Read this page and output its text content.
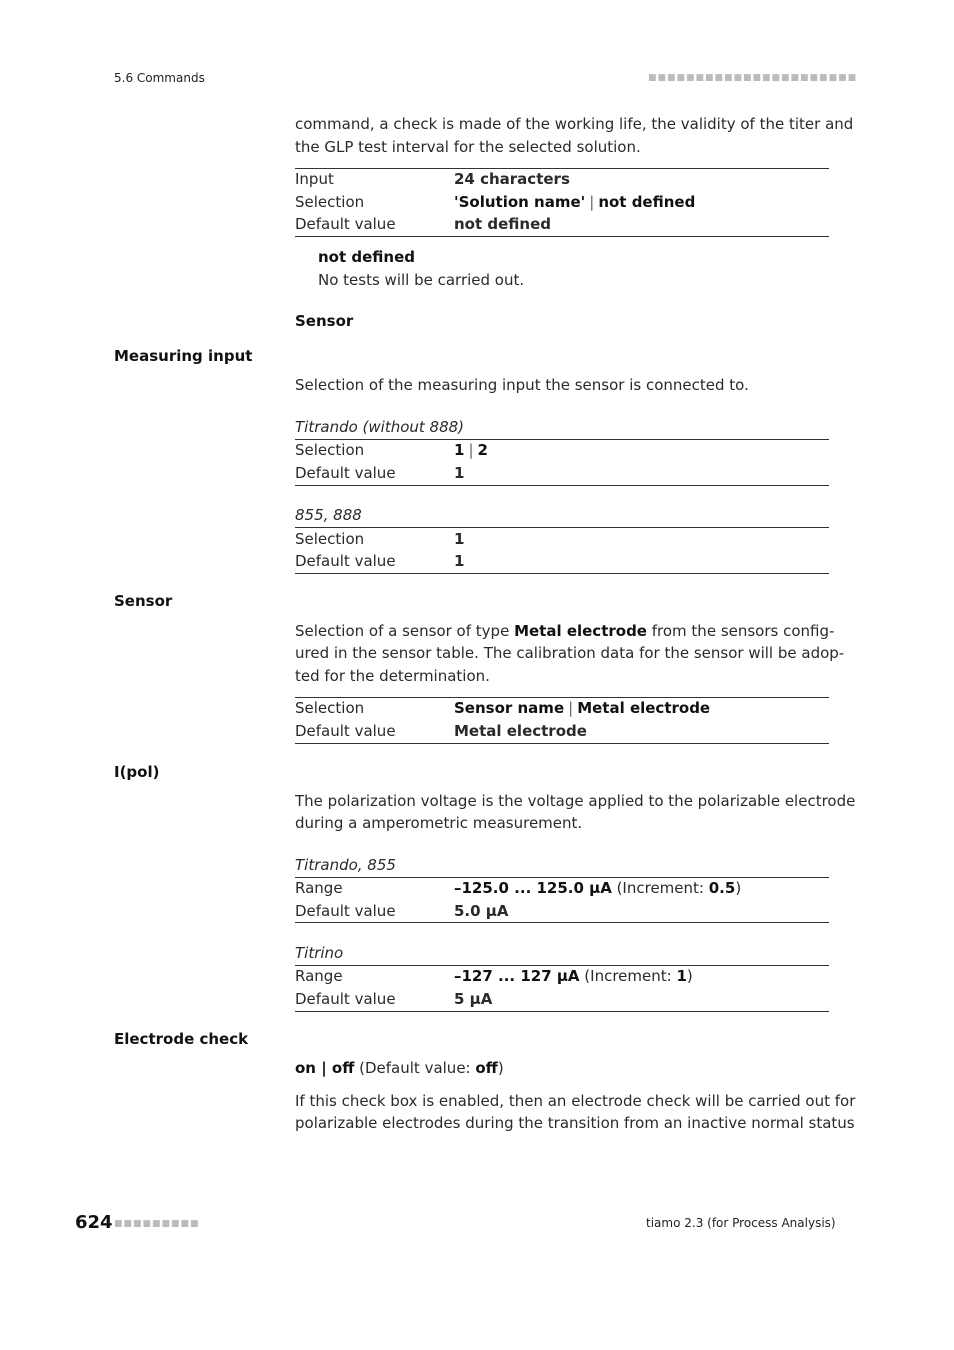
5.6 Commands	■■■■■■■■■■■■■■■■■■■■■■
command, a check is made of the working life, the validity of the titer and
the GLP test interval for the selected solution.
Input	24 characters
Selection	'Solution name' | not defined
Default value	not defined
not defined
No tests will be carried out.
Sensor
Measuring input
Selection of the measuring input the sensor is connected to.
Titrando (without 888)
Selection	1 | 2
Default value	1
855, 888
Selection	1
Default value	1
Sensor
Selection of a sensor of type Metal electrode from the sensors config-
ured in the sensor table. The calibration data for the sensor will be adop-
ted for the determination.
Selection	Sensor name | Metal electrode
Default value	Metal electrode
I(pol)
The polarization voltage is the voltage applied to the polarizable electrode
during a amperometric measurement.
Titrando, 855
Range	–125.0 ... 125.0 µA (Increment: 0.5)
Default value	5.0 µA
Titrino
Range	–127 ... 127 µA (Increment: 1)
Default value	5 µA
Electrode check
on | off (Default value: off)
If this check box is enabled, then an electrode check will be carried out for
polarizable electrodes during the transition from an inactive normal status
624 ■■■■■■■■■	tiamo 2.3 (for Process Analysis)
